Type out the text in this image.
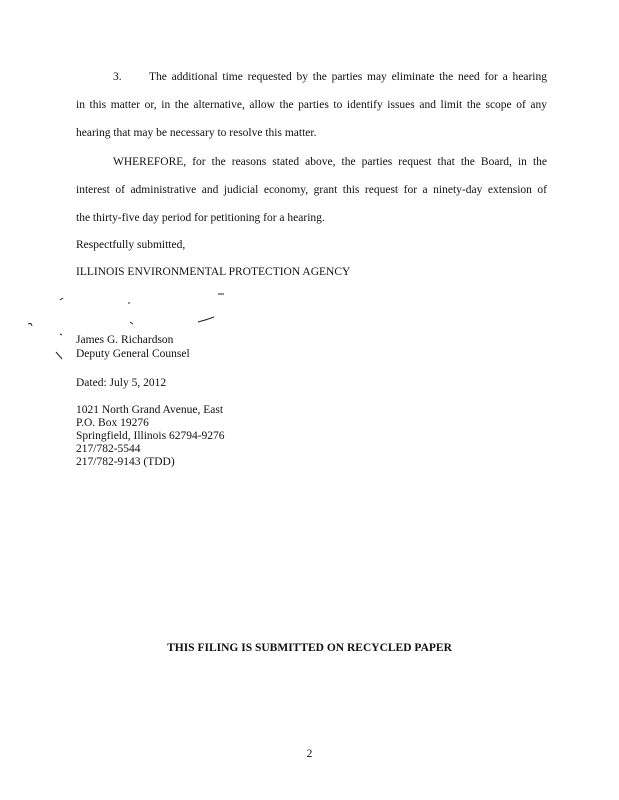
3. The additional time requested by the parties may eliminate the need for a hearing
in this matter or, in the alternative, allow the parties to identify issues and limit the scope of any
hearing that may be necessary to resolve this matter.
WHEREFORE, for the reasons stated above, the parties request that the Board, in the
interest of administrative and judicial economy, grant this request for a ninety-day extension of
the thirty-five day period for petitioning for a hearing.
Respectfully submitted,
ILLINOIS ENVIRONMENTAL PROTECTION AGENCY
James G. Richardson
Deputy General Counsel
Dated: July 5, 2012
1021 North Grand Avenue, East
P.O. Box 19276
Springfield, Illinois 62794-9276
217/782-5544
217/782-9143 (TDD)
THIS FILING IS SUBMITTED ON RECYCLED PAPER
2
